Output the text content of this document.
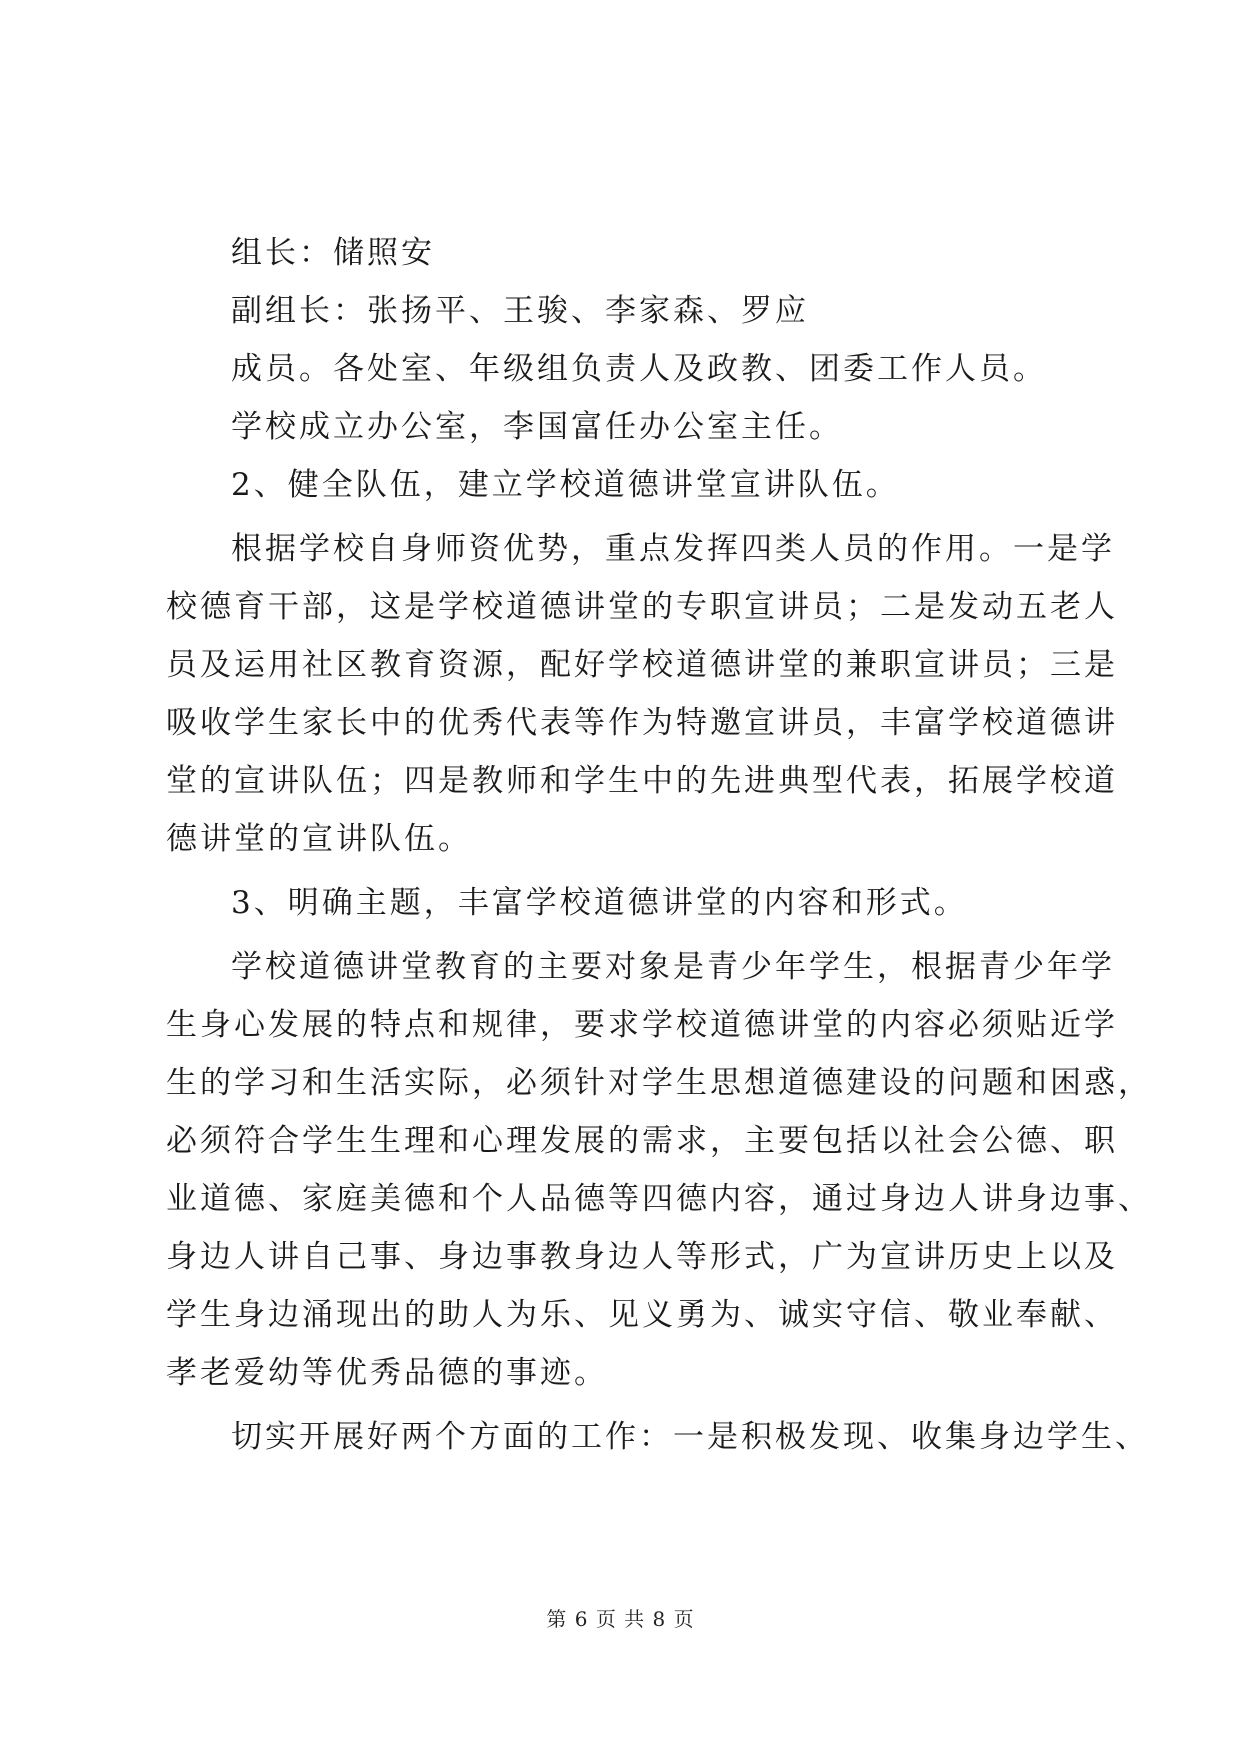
组长：储照安
副组长：张扬平、王骏、李家森、罗应
成员。各处室、年级组负责人及政教、团委工作人员。
学校成立办公室，李国富任办公室主任。
2、健全队伍，建立学校道德讲堂宣讲队伍。
根据学校自身师资优势，重点发挥四类人员的作用。一是学
校德育干部，这是学校道德讲堂的专职宣讲员；二是发动五老人
员及运用社区教育资源，配好学校道德讲堂的兼职宣讲员；三是
吸收学生家长中的优秀代表等作为特邀宣讲员，丰富学校道德讲
堂的宣讲队伍；四是教师和学生中的先进典型代表，拓展学校道
德讲堂的宣讲队伍。
3、明确主题，丰富学校道德讲堂的内容和形式。
学校道德讲堂教育的主要对象是青少年学生，根据青少年学
生身心发展的特点和规律，要求学校道德讲堂的内容必须贴近学
生的学习和生活实际，必须针对学生思想道德建设的问题和困惑，
必须符合学生生理和心理发展的需求，主要包括以社会公德、职
业道德、家庭美德和个人品德等四德内容，通过身边人讲身边事、
身边人讲自己事、身边事教身边人等形式，广为宣讲历史上以及
学生身边涌现出的助人为乐、见义勇为、诚实守信、敬业奉献、
孝老爱幼等优秀品德的事迹。
切实开展好两个方面的工作：一是积极发现、收集身边学生、
第 6 页 共 8 页
